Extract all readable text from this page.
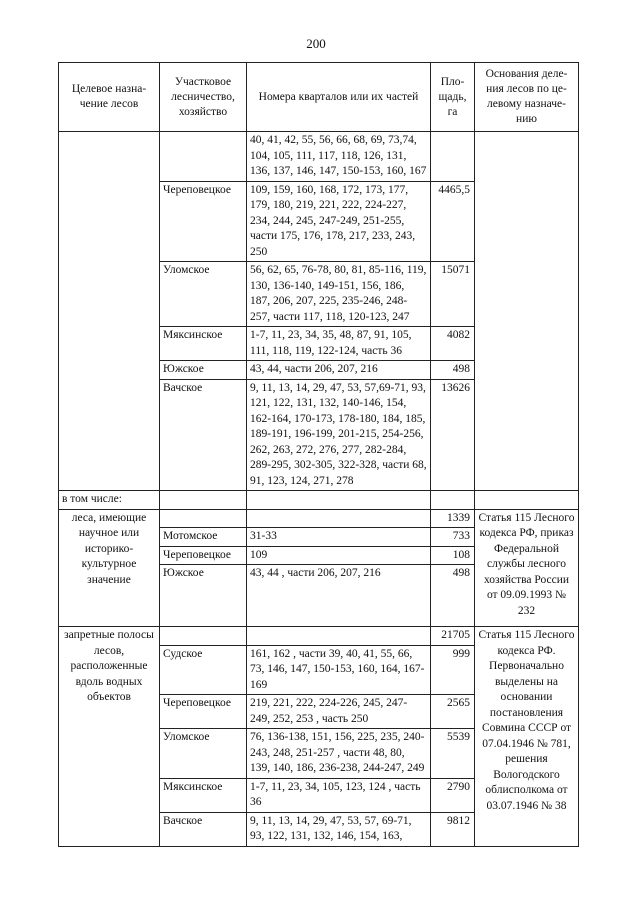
200
Целевое назна-чение лесов	Участковое лесничество, хозяйство	Номера кварталов или их частей	Пло-щадь, га	Основания деле-ния лесов по це-левому назначе-нию
		40, 41, 42, 55, 56, 66, 68, 69, 73,74, 104, 105, 111, 117, 118, 126, 131, 136, 137, 146, 147, 150-153, 160, 167		
	Череповецкое	109, 159, 160, 168, 172, 173, 177, 179, 180, 219, 221, 222, 224-227, 234, 244, 245, 247-249, 251-255, части 175, 176, 178, 217, 233, 243, 250	4465,5	
	Уломское	56, 62, 65, 76-78, 80, 81, 85-116, 119, 130, 136-140, 149-151, 156, 186, 187, 206, 207, 225, 235-246, 248-257, части 117, 118, 120-123, 247	15071	
	Мяксинское	1-7, 11, 23, 34, 35, 48, 87, 91, 105, 111, 118, 119, 122-124, часть 36	4082	
	Южское	43, 44, части 206, 207, 216	498	
	Вачское	9, 11, 13, 14, 29, 47, 53, 57,69-71, 93, 121, 122, 131, 132, 140-146, 154, 162-164, 170-173, 178-180, 184, 185, 189-191, 196-199, 201-215, 254-256, 262, 263, 272, 276, 277, 282-284, 289-295, 302-305, 322-328, части 68, 91, 123, 124, 271, 278	13626	
в том числе:				
леса, имеющие научное или историко-культурное значение			1339	Статья 115 Лесного кодекса РФ, приказ Федеральной службы лесного хозяйства России от 09.09.1993 № 232
	Мотомское	31-33	733	
	Череповецкое	109	108	
	Южское	43, 44 , части 206, 207, 216	498	
запретные полосы лесов, расположенные вдоль водных объектов			21705	Статья 115 Лесного кодекса РФ. Первоначально выделены на основании постановления Совмина СССР от 07.04.1946 № 781, решения Вологодского облисполкома от 03.07.1946 № 38
	Судское	161, 162 , части 39, 40, 41, 55, 66, 73, 146, 147, 150-153, 160, 164, 167-169	999	
	Череповецкое	219, 221, 222, 224-226, 245, 247-249, 252, 253 , часть 250	2565	
	Уломское	76, 136-138, 151, 156, 225, 235, 240-243, 248, 251-257 , части 48, 80, 139, 140, 186, 236-238, 244-247, 249	5539	
	Мяксинское	1-7, 11, 23, 34, 105, 123, 124 , часть 36	2790	
	Вачское	9, 11, 13, 14, 29, 47, 53, 57, 69-71, 93, 122, 131, 132, 146, 154, 163,	9812	
